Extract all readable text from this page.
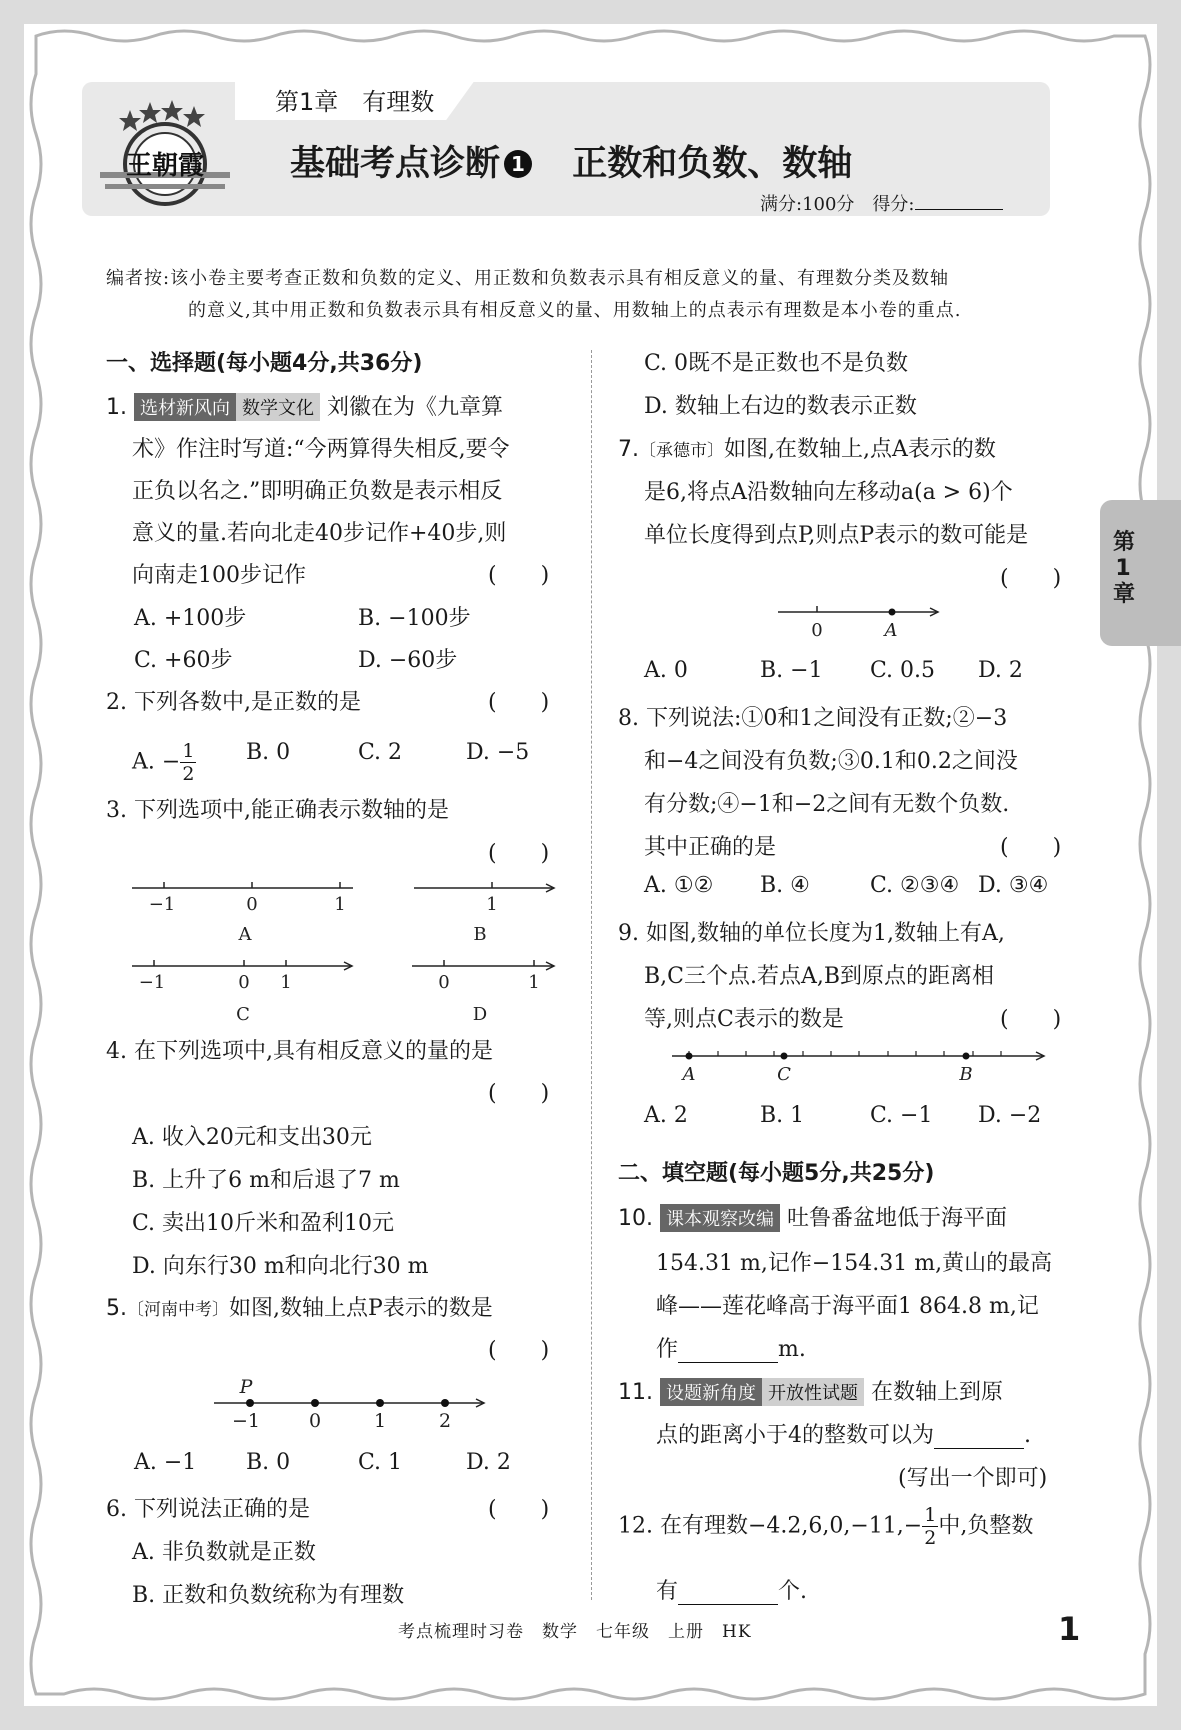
第1章　有理数
王朝霞 基础考点诊断 1 正数和负数、数轴
满分:100分　得分:
编者按:该小卷主要考查正数和负数的定义、用正数和负数表示具有相反意义的量、有理数分类及数轴
的意义,其中用正数和负数表示具有相反意义的量、用数轴上的点表示有理数是本小卷的重点.
一、选择题(每小题4分,共36分)
1. 选材新风向 数学文化 刘徽在为《九章算
术》作注时写道:“今两算得失相反,要令
正负以名之.”即明确正负数是表示相反
意义的量.若向北走40步记作+40步,则
向南走100步记作	(　　)
A. +100步	B. −100步
C. +60步	D. −60步
2. 下列各数中,是正数的是	(　　)
A. − $\frac{1}{2} B$. 0	C. 2	D. −5
3. 下列选项中,能正确表示数轴的是
(　　)
−1	0	1
A
1
B
−1	0 1
C
0	1
D
4. 在下列选项中,具有相反意义的量的是
(　　)
A. 收入20元和支出30元
B. 上升了6 m和后退了7 m
C. 卖出10斤米和盈利10元
D. 向东行30 m和向北行30 m
5.〔河南中考〕如图,数轴上点P表示的数是
(　　)
P
−1	0	1	2
A. −1 B. 0	C. 1	D. 2
6. 下列说法正确的是	(　　)
A. 非负数就是正数
B. 正数和负数统称为有理数
C. 0既不是正数也不是负数
D. 数轴上右边的数表示正数
7.〔承德市〕如图,在数轴上,点A表示的数
是6,将点A沿数轴向左移动a(a > 6)个
单位长度得到点P,则点P表示的数可能是
(　　)
0	A
A. 0	B. −1 C. 0.5 D. 2
8. 下列说法:①0和1之间没有正数;②−3
和−4之间没有负数;③0.1和0.2之间没
有分数;④−1和−2之间有无数个负数.
其中正确的是	(　　)
A. ①② B. ④	C. ②③④ D. ③④
9. 如图,数轴的单位长度为1,数轴上有A,
B,C三个点.若点A,B到原点的距离相
等,则点C表示的数是	(　　)
A	C	B
A. 2	B. 1	C. −1 D. −2
二、填空题(每小题5分,共25分)
10. 课本观察改编 吐鲁番盆地低于海平面
154.31 m,记作−154.31 m,黄山的最高
峰——莲花峰高于海平面1 864.8 m,记
作	m.
11. 设题新角度 开放性试题 在数轴上到原
点的距离小于4的整数可以为	.
(写出一个即可)
12. 在有理数$-4.2,6,0,-11,- \frac{1}{2}$ 中,负整数
有	个.
第1章
考点梳理时习卷　数学　七年级　上册　HK	1
